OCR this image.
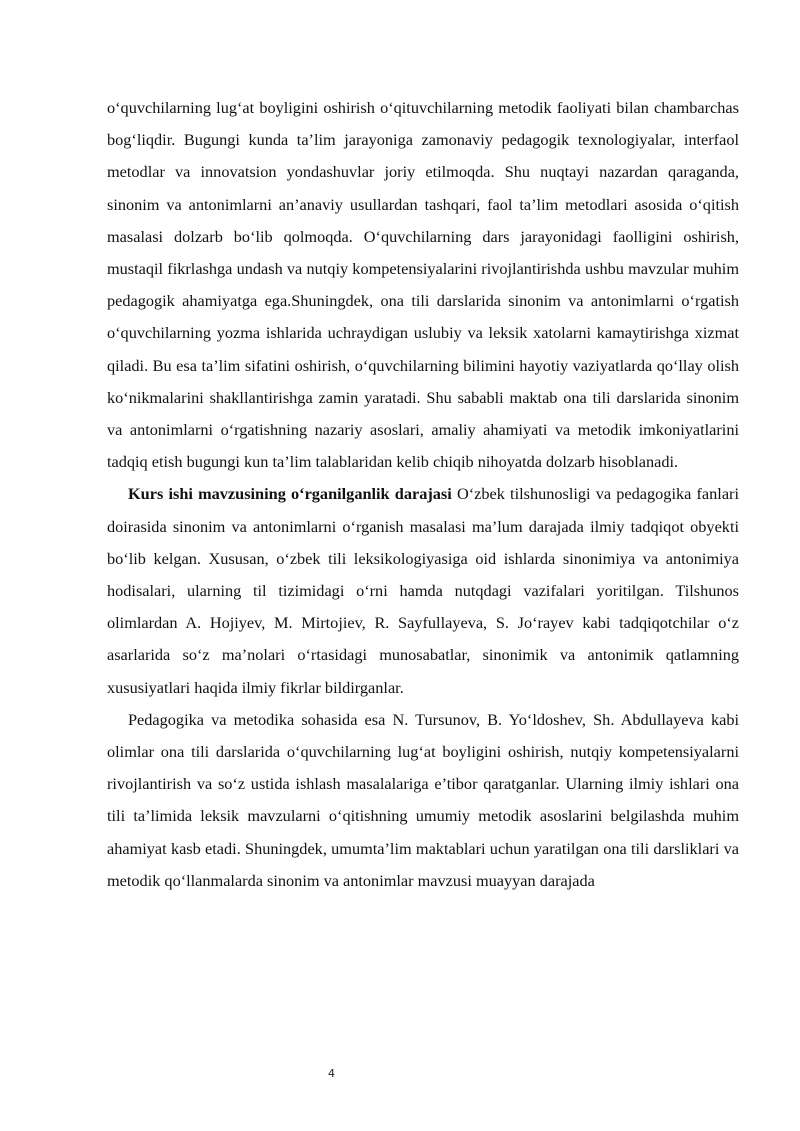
o‘quvchilarning lug‘at boyligini oshirish o‘qituvchilarning metodik faoliyati bilan chambarchas bog‘liqdir. Bugungi kunda ta’lim jarayoniga zamonaviy pedagogik texnologiyalar, interfaol metodlar va innovatsion yondashuvlar joriy etilmoqda. Shu nuqtayi nazardan qaraganda, sinonim va antonimlarni an’anaviy usullardan tashqari, faol ta’lim metodlari asosida o‘qitish masalasi dolzarb bo‘lib qolmoqda. O‘quvchilarning dars jarayonidagi faolligini oshirish, mustaqil fikrlashga undash va nutqiy kompetensiyalarini rivojlantirishda ushbu mavzular muhim pedagogik ahamiyatga ega.Shuningdek, ona tili darslarida sinonim va antonimlarni o‘rgatish o‘quvchilarning yozma ishlarida uchraydigan uslubiy va leksik xatolarni kamaytirishga xizmat qiladi. Bu esa ta’lim sifatini oshirish, o‘quvchilarning bilimini hayotiy vaziyatlarda qo‘llay olish ko‘nikmalarini shakllantirishga zamin yaratadi. Shu sababli maktab ona tili darslarida sinonim va antonimlarni o‘rgatishning nazariy asoslari, amaliy ahamiyati va metodik imkoniyatlarini tadqiq etish bugungi kun ta’lim talablaridan kelib chiqib nihoyatda dolzarb hisoblanadi.

Kurs ishi mavzusining o‘rganilganlik darajasi O‘zbek tilshunosligi va pedagogika fanlari doirasida sinonim va antonimlarni o‘rganish masalasi ma’lum darajada ilmiy tadqiqot obyekti bo‘lib kelgan. Xususan, o‘zbek tili leksikologiyasiga oid ishlarda sinonimiya va antonimiya hodisalari, ularning til tizimidagi o‘rni hamda nutqdagi vazifalari yoritilgan. Tilshunos olimlardan A. Hojiyev, M. Mirtojiev, R. Sayfullayeva, S. Jo‘rayev kabi tadqiqotchilar o‘z asarlarida so‘z ma’nolari o‘rtasidagi munosabatlar, sinonimik va antonimik qatlamning xususiyatlari haqida ilmiy fikrlar bildirganlar.

Pedagogika va metodika sohasida esa N. Tursunov, B. Yo‘ldoshev, Sh. Abdullayeva kabi olimlar ona tili darslarida o‘quvchilarning lug‘at boyligini oshirish, nutqiy kompetensiyalarni rivojlantirish va so‘z ustida ishlash masalalariga e’tibor qaratganlar. Ularning ilmiy ishlari ona tili ta’limida leksik mavzularni o‘qitishning umumiy metodik asoslarini belgilashda muhim ahamiyat kasb etadi. Shuningdek, umumta’lim maktablari uchun yaratilgan ona tili darsliklari va metodik qo‘llanmalarda sinonim va antonimlar mavzusi muayyan darajada

4
